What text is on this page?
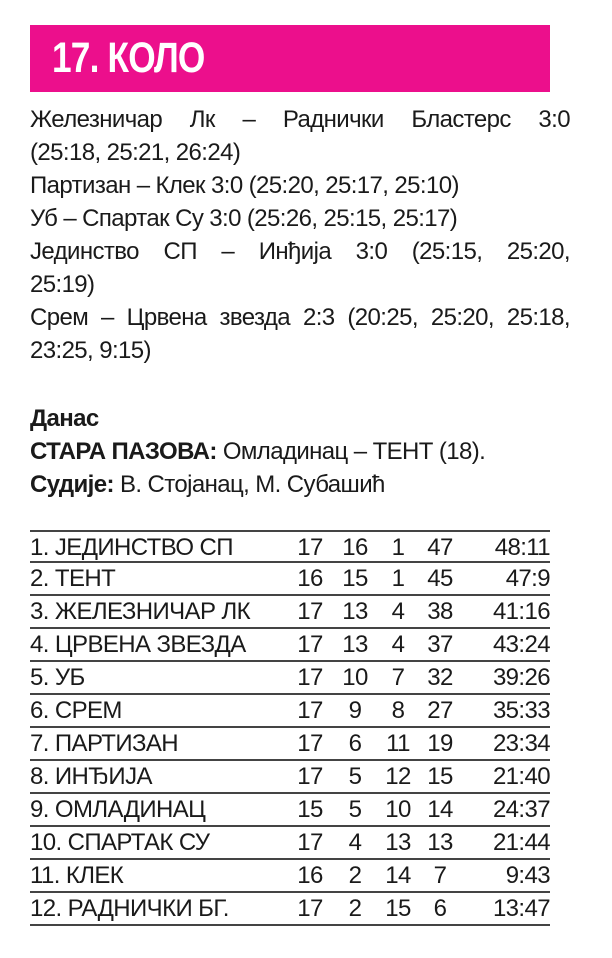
17. КОЛО
Железничар Лк – Раднички Бластерс 3:0
(25:18, 25:21, 26:24)
Партизан – Клек 3:0 (25:20, 25:17, 25:10)
Уб – Спартак Су 3:0 (25:26, 25:15, 25:17)
Јединство СП – Инђија 3:0 (25:15, 25:20,
25:19)
Срем – Црвена звезда 2:3 (20:25, 25:20, 25:18,
23:25, 9:15)
Данас
СТАРА ПАЗОВА: Омладинац – ТЕНТ (18).
Судије: В. Стојанац, М. Субашић
1. ЈЕДИНСТВО СП	17 16 1 47	48:11
2. ТЕНТ	16 15 1 45	47:9
3. ЖЕЛЕЗНИЧАР ЛК	17 13 4 38	41:16
4. ЦРВЕНА ЗВЕЗДА	17 13 4 37	43:24
5. УБ	17 10 7 32	39:26
6. СРЕМ	17	9	8 27	35:33
7. ПАРТИЗАН	17	6	11 19	23:34
8. ИНЂИЈА	17	5 12 15	21:40
9. ОМЛАДИНАЦ	15	5 10 14	24:37
10. СПАРТАК СУ	17	4 13 13	21:44
11. КЛЕК	16	2 14 7	9:43
12. РАДНИЧКИ БГ.	17	2 15 6	13:47
